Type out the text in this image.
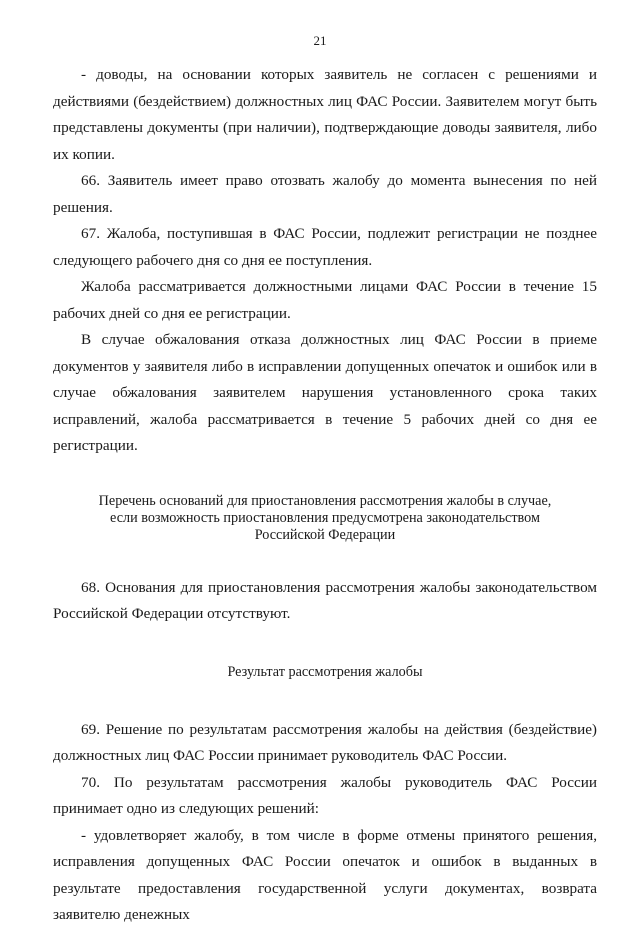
21

- доводы, на основании которых заявитель не согласен с решениями и действиями (бездействием) должностных лиц ФАС России. Заявителем могут быть представлены документы (при наличии), подтверждающие доводы заявителя, либо их копии.

66. Заявитель имеет право отозвать жалобу до момента вынесения по ней решения.

67. Жалоба, поступившая в ФАС России, подлежит регистрации не позднее следующего рабочего дня со дня ее поступления.

Жалоба рассматривается должностными лицами ФАС России в течение 15 рабочих дней со дня ее регистрации.

В случае обжалования отказа должностных лиц ФАС России в приеме документов у заявителя либо в исправлении допущенных опечаток и ошибок или в случае обжалования заявителем нарушения установленного срока таких исправлений, жалоба рассматривается в течение 5 рабочих дней со дня ее регистрации.

Перечень оснований для приостановления рассмотрения жалобы в случае,

если возможность приостановления предусмотрена законодательством

Российской Федерации

68. Основания для приостановления рассмотрения жалобы законодательством Российской Федерации отсутствуют.

Результат рассмотрения жалобы

69. Решение по результатам рассмотрения жалобы на действия (бездействие) должностных лиц ФАС России принимает руководитель ФАС России.

70. По результатам рассмотрения жалобы руководитель ФАС России принимает одно из следующих решений:

- удовлетворяет жалобу, в том числе в форме отмены принятого решения, исправления допущенных ФАС России опечаток и ошибок в выданных в результате предоставления государственной услуги документах, возврата заявителю денежных
